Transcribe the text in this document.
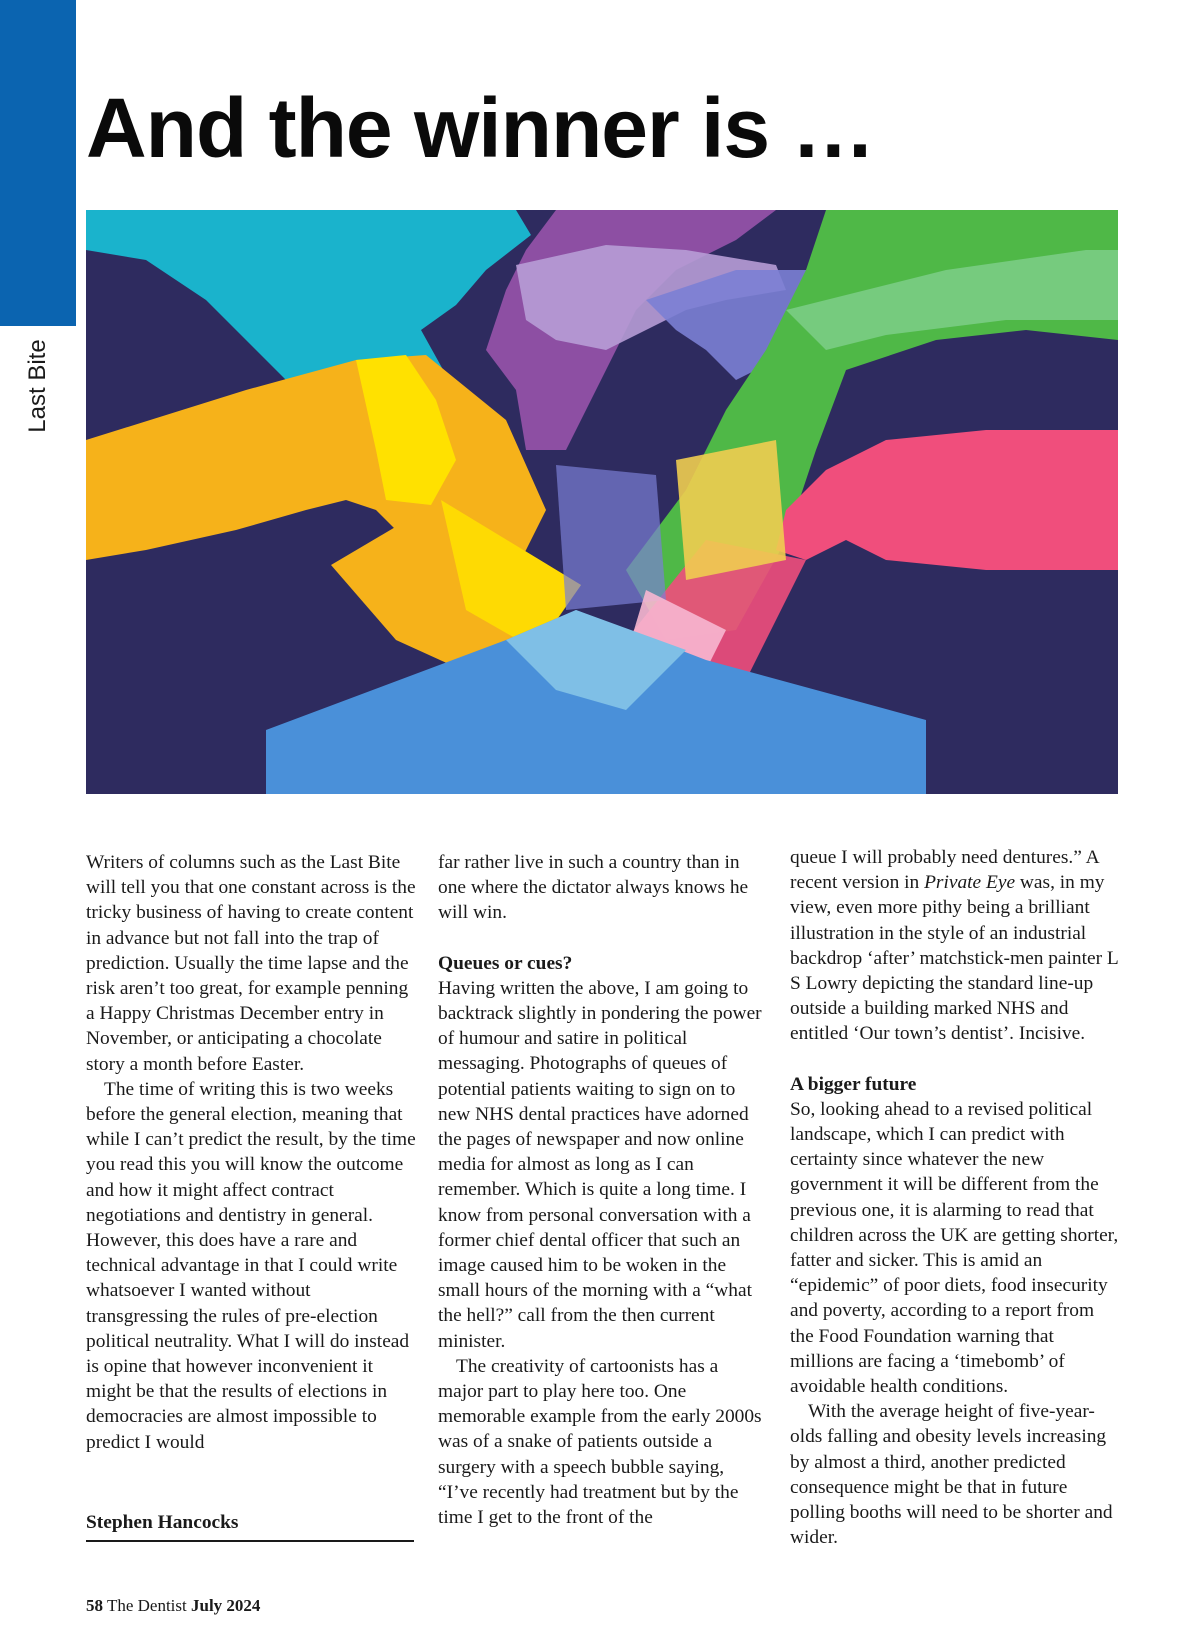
Last Bite
And the winner is …

Writers of columns such as the Last Bite will tell you that one constant across is the tricky business of having to create content in advance but not fall into the trap of prediction. Usually the time lapse and the risk aren’t too great, for example penning a Happy Christmas December entry in November, or anticipating a chocolate story a month before Easter.

The time of writing this is two weeks before the general election, meaning that while I can’t predict the result, by the time you read this you will know the outcome and how it might affect contract negotiations and dentistry in general. However, this does have a rare and technical advantage in that I could write whatsoever I wanted without transgressing the rules of pre-election political neutrality. What I will do instead is opine that however inconvenient it might be that the results of elections in democracies are almost impossible to predict I would

far rather live in such a country than in one where the dictator always knows he will win.

Queues or cues?

Having written the above, I am going to backtrack slightly in pondering the power of humour and satire in political messaging. Photographs of queues of potential patients waiting to sign on to new NHS dental practices have adorned the pages of newspaper and now online media for almost as long as I can remember. Which is quite a long time. I know from personal conversation with a former chief dental officer that such an image caused him to be woken in the small hours of the morning with a “what the hell?” call from the then current minister.

The creativity of cartoonists has a major part to play here too. One memorable example from the early 2000s was of a snake of patients outside a surgery with a speech bubble saying, “I’ve recently had treatment but by the time I get to the front of the

queue I will probably need dentures.” A recent version in Private Eye was, in my view, even more pithy being a brilliant illustration in the style of an industrial backdrop ‘after’ matchstick-men painter L S Lowry depicting the standard line-up outside a building marked NHS and entitled ‘Our town’s dentist’. Incisive.

A bigger future

So, looking ahead to a revised political landscape, which I can predict with certainty since whatever the new government it will be different from the previous one, it is alarming to read that children across the UK are getting shorter, fatter and sicker. This is amid an “epidemic” of poor diets, food insecurity and poverty, according to a report from the Food Foundation warning that millions are facing a ‘timebomb’ of avoidable health conditions.

With the average height of five-year-olds falling and obesity levels increasing by almost a third, another predicted consequence might be that in future polling booths will need to be shorter and wider.

Stephen Hancocks
58 The Dentist July 2024
